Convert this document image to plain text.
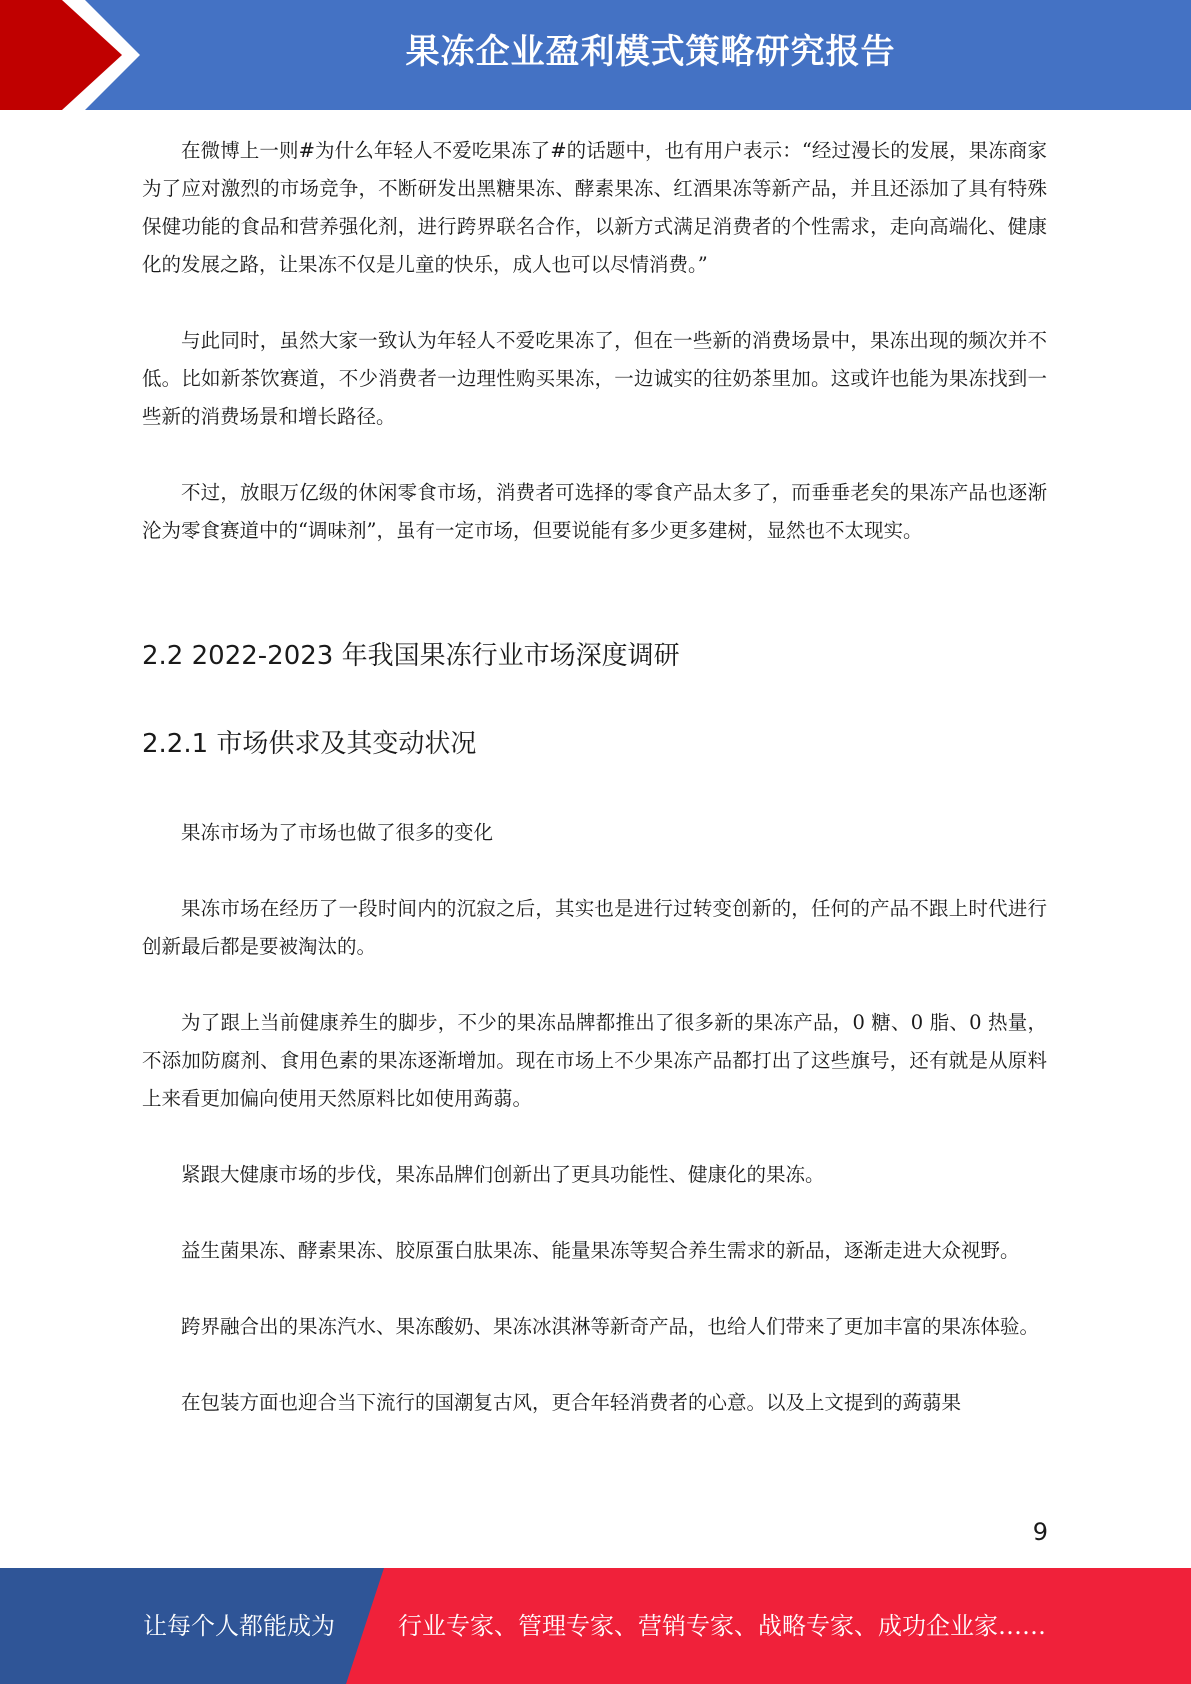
果冻企业盈利模式策略研究报告

在微博上一则#为什么年轻人不爱吃果冻了#的话题中，也有用户表示：“经过漫长的发展，果冻商家为了应对激烈的市场竞争，不断研发出黑糖果冻、酵素果冻、红酒果冻等新产品，并且还添加了具有特殊保健功能的食品和营养强化剂，进行跨界联名合作，以新方式满足消费者的个性需求，走向高端化、健康化的发展之路，让果冻不仅是儿童的快乐，成人也可以尽情消费。”

与此同时，虽然大家一致认为年轻人不爱吃果冻了，但在一些新的消费场景中，果冻出现的频次并不低。比如新茶饮赛道，不少消费者一边理性购买果冻，一边诚实的往奶茶里加。这或许也能为果冻找到一些新的消费场景和增长路径。

不过，放眼万亿级的休闲零食市场，消费者可选择的零食产品太多了，而垂垂老矣的果冻产品也逐渐沦为零食赛道中的“调味剂”，虽有一定市场，但要说能有多少更多建树，显然也不太现实。

2.2 2022-2023 年我国果冻行业市场深度调研
2.2.1 市场供求及其变动状况

果冻市场为了市场也做了很多的变化

果冻市场在经历了一段时间内的沉寂之后，其实也是进行过转变创新的，任何的产品不跟上时代进行创新最后都是要被淘汰的。

为了跟上当前健康养生的脚步，不少的果冻品牌都推出了很多新的果冻产品，0 糖、0 脂、0 热量，不添加防腐剂、食用色素的果冻逐渐增加。现在市场上不少果冻产品都打出了这些旗号，还有就是从原料上来看更加偏向使用天然原料比如使用蒟蒻。

紧跟大健康市场的步伐，果冻品牌们创新出了更具功能性、健康化的果冻。

益生菌果冻、酵素果冻、胶原蛋白肽果冻、能量果冻等契合养生需求的新品，逐渐走进大众视野。

跨界融合出的果冻汽水、果冻酸奶、果冻冰淇淋等新奇产品，也给人们带来了更加丰富的果冻体验。

在包装方面也迎合当下流行的国潮复古风，更合年轻消费者的心意。以及上文提到的蒟蒻果

9
让每个人都能成为	行业专家、管理专家、营销专家、战略专家、成功企业家……
